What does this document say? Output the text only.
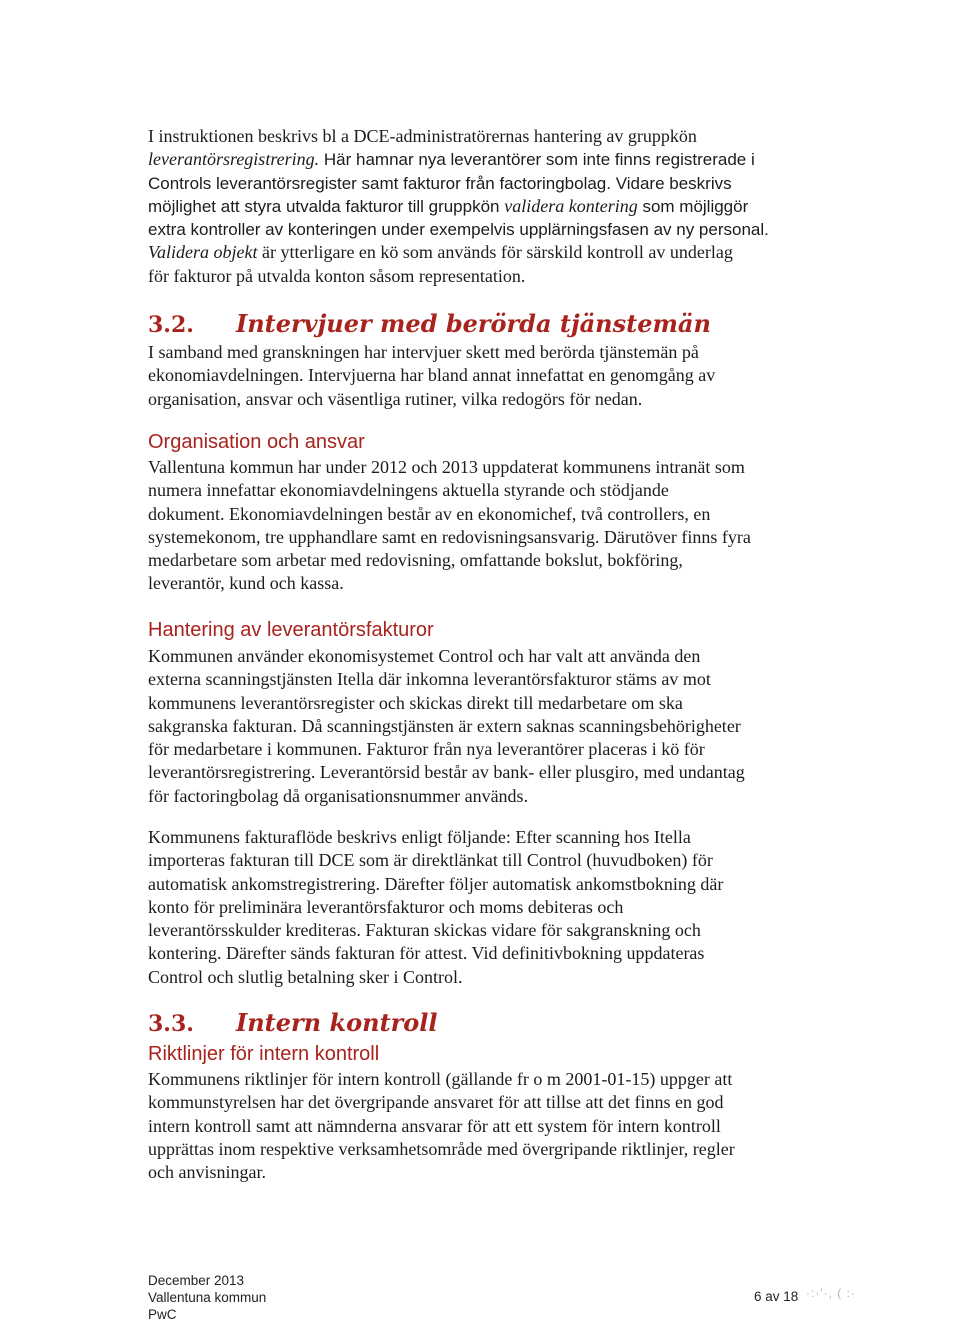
I instruktionen beskrivs bl a DCE-administratörernas hantering av gruppkön

leverantörsregistrering. Här hamnar nya leverantörer som inte finns registrerade i

Controls leverantörsregister samt fakturor från factoringbolag. Vidare beskrivs

möjlighet att styra utvalda fakturor till gruppkön validera kontering som möjliggör

extra kontroller av konteringen under exempelvis upplärningsfasen av ny personal.

Validera objekt är ytterligare en kö som används för särskild kontroll av underlag

för fakturor på utvalda konton såsom representation.

3.2.	Intervjuer med berörda tjänstemän

I samband med granskningen har intervjuer skett med berörda tjänstemän på

ekonomiavdelningen. Intervjuerna har bland annat innefattat en genomgång av

organisation, ansvar och väsentliga rutiner, vilka redogörs för nedan.

Organisation och ansvar

Vallentuna kommun har under 2012 och 2013 uppdaterat kommunens intranät som

numera innefattar ekonomiavdelningens aktuella styrande och stödjande

dokument. Ekonomiavdelningen består av en ekonomichef, två controllers, en

systemekonom, tre upphandlare samt en redovisningsansvarig. Därutöver finns fyra

medarbetare som arbetar med redovisning, omfattande bokslut, bokföring,

leverantör, kund och kassa.

Hantering av leverantörsfakturor

Kommunen använder ekonomisystemet Control och har valt att använda den

externa scanningstjänsten Itella där inkomna leverantörsfakturor stäms av mot

kommunens leverantörsregister och skickas direkt till medarbetare om ska

sakgranska fakturan. Då scanningstjänsten är extern saknas scanningsbehörigheter

för medarbetare i kommunen. Fakturor från nya leverantörer placeras i kö för

leverantörsregistrering. Leverantörsid består av bank- eller plusgiro, med undantag

för factoringbolag då organisationsnummer används.

Kommunens fakturaflöde beskrivs enligt följande: Efter scanning hos Itella

importeras fakturan till DCE som är direktlänkat till Control (huvudboken) för

automatisk ankomstregistrering. Därefter följer automatisk ankomstbokning där

konto för preliminära leverantörsfakturor och moms debiteras och

leverantörsskulder krediteras. Fakturan skickas vidare för sakgranskning och

kontering. Därefter sänds fakturan för attest. Vid definitivbokning uppdateras

Control och slutlig betalning sker i Control.

3.3.	Intern kontroll
Riktlinjer för intern kontroll

Kommunens riktlinjer för intern kontroll (gällande fr o m 2001-01-15) uppger att

kommunstyrelsen har det övergripande ansvaret för att tillse att det finns en god

intern kontroll samt att nämnderna ansvarar för att ett system för intern kontroll

upprättas inom respektive verksamhetsområde med övergripande riktlinjer, regler

och anvisningar.

December 2013
Vallentuna kommun
PwC
6 av 18 ·:·'·, ( :·
